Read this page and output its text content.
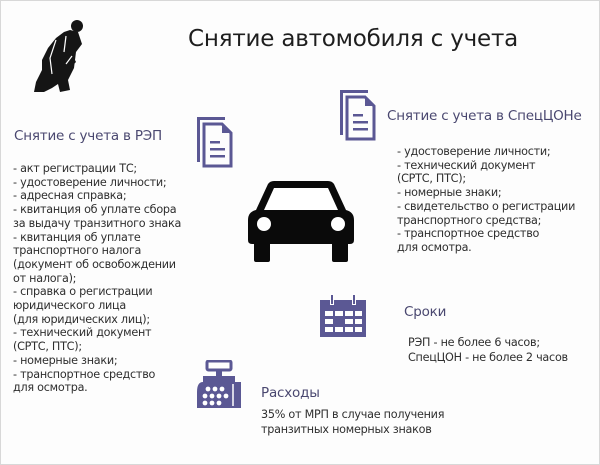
Снятие автомобиля с учета
Снятие с учета в РЭП
- акт регистрации ТС;
- удостоверение личности;
- адресная справка;
- квитанция об уплате сбора
за выдачу транзитного знака
- квитанция об уплате
транспортного налога
(документ об освобождении
от налога);
- справка о регистрации
юридического лица
(для юридических лиц);
- технический документ
(СРТС, ПТС);
- номерные знаки;
- транспортное средство
для осмотра.
Снятие с учета в СпецЦОНе
- удостоверение личности;
- технический документ
(СРТС, ПТС);
- номерные знаки;
- свидетельство о регистрации
транспортного средства;
- транспортное средство
для осмотра.
Сроки
РЭП - не более 6 часов;
СпецЦОН - не более 2 часов
Расходы
35% от МРП в случае получения
транзитных номерных знаков
